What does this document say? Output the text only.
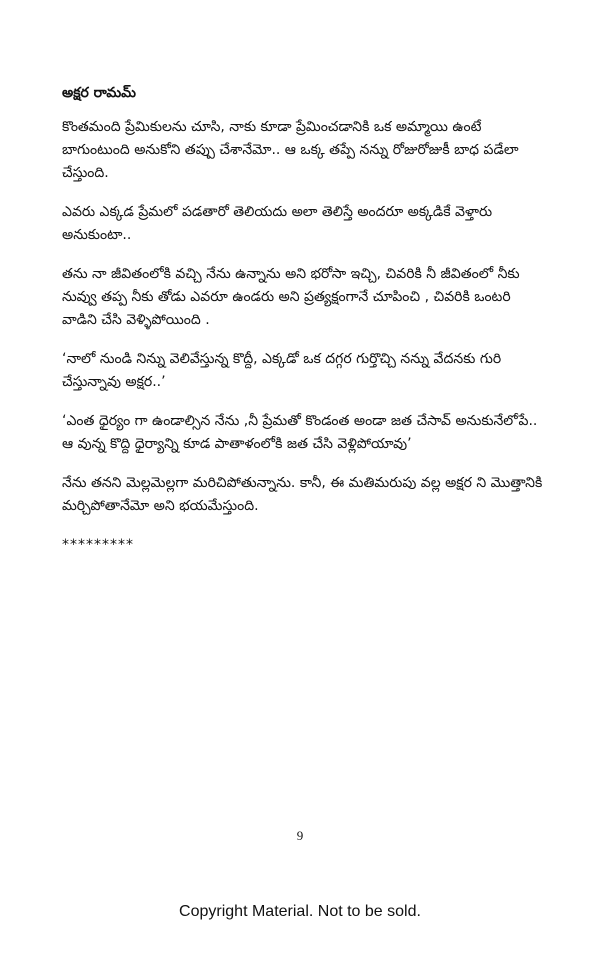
అక్షర రామమ్

కొంతమంది ప్రేమికులను చూసి, నాకు కూడా ప్రేమించడానికి ఒక అమ్మాయి ఉంటే బాగుంటుంది అనుకోని తప్పు చేశానేమో.. ఆ ఒక్క తప్పే నన్ను రోజురోజుకీ బాధ పడేలా చేస్తుంది.

ఎవరు ఎక్కడ ప్రేమలో పడతారో తెలియదు అలా తెలిస్తే అందరూ అక్కడికే వెళ్తారు అనుకుంటా..

తను నా జీవితంలోకి వచ్చి నేను ఉన్నాను అని భరోసా ఇచ్చి, చివరికి నీ జీవితంలో నీకు నువ్వు తప్ప నీకు తోడు ఎవరూ ఉండరు అని ప్రత్యక్షంగానే చూపించి , చివరికి ఒంటరి వాడిని చేసి వెళ్ళిపోయింది .

‘నాలో నుండి నిన్ను వెలివేస్తున్న కొద్దీ, ఎక్కడో ఒక దగ్గర గుర్తొచ్చి నన్ను వేదనకు గురి చేస్తున్నావు అక్షర..’

‘ఎంత ధైర్యం గా ఉండాల్సిన నేను ,నీ ప్రేమతో కొండంత అండా జత చేసావ్ అనుకునేలోపే.. ఆ వున్న కొద్ది ధైర్యాన్ని కూడ పాతాళంలోకి జత చేసి వెళ్లిపోయావు’

నేను తనని మెల్లమెల్లగా మరిచిపోతున్నాను. కానీ, ఈ మతిమరుపు వల్ల అక్షర ని మొత్తానికి మర్చిపోతానేమో అని భయమేస్తుంది.

*********
9
Copyright Material. Not to be sold.
